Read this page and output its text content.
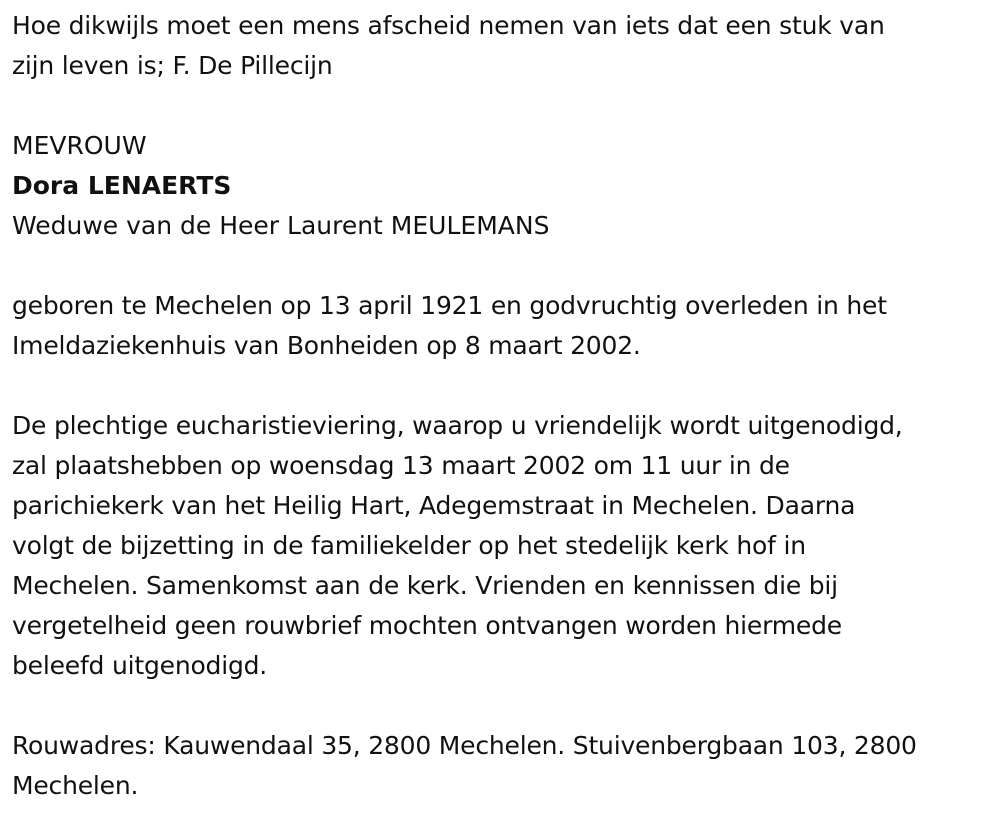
Hoe dikwijls moet een mens afscheid nemen van iets dat een stuk van
zijn leven is; F. De Pillecijn

MEVROUW

Dora LENAERTS

Weduwe van de Heer Laurent MEULEMANS

geboren te Mechelen op 13 april 1921 en godvruchtig overleden in het
Imeldaziekenhuis van Bonheiden op 8 maart 2002.

De plechtige eucharistieviering, waarop u vriendelijk wordt uitgenodigd,
zal plaatshebben op woensdag 13 maart 2002 om 11 uur in de
parichiekerk van het Heilig Hart, Adegemstraat in Mechelen. Daarna
volgt de bijzetting in de familiekelder op het stedelijk kerk hof in
Mechelen. Samenkomst aan de kerk. Vrienden en kennissen die bij
vergetelheid geen rouwbrief mochten ontvangen worden hiermede
beleefd uitgenodigd.

Rouwadres: Kauwendaal 35, 2800 Mechelen. Stuivenbergbaan 103, 2800
Mechelen.
